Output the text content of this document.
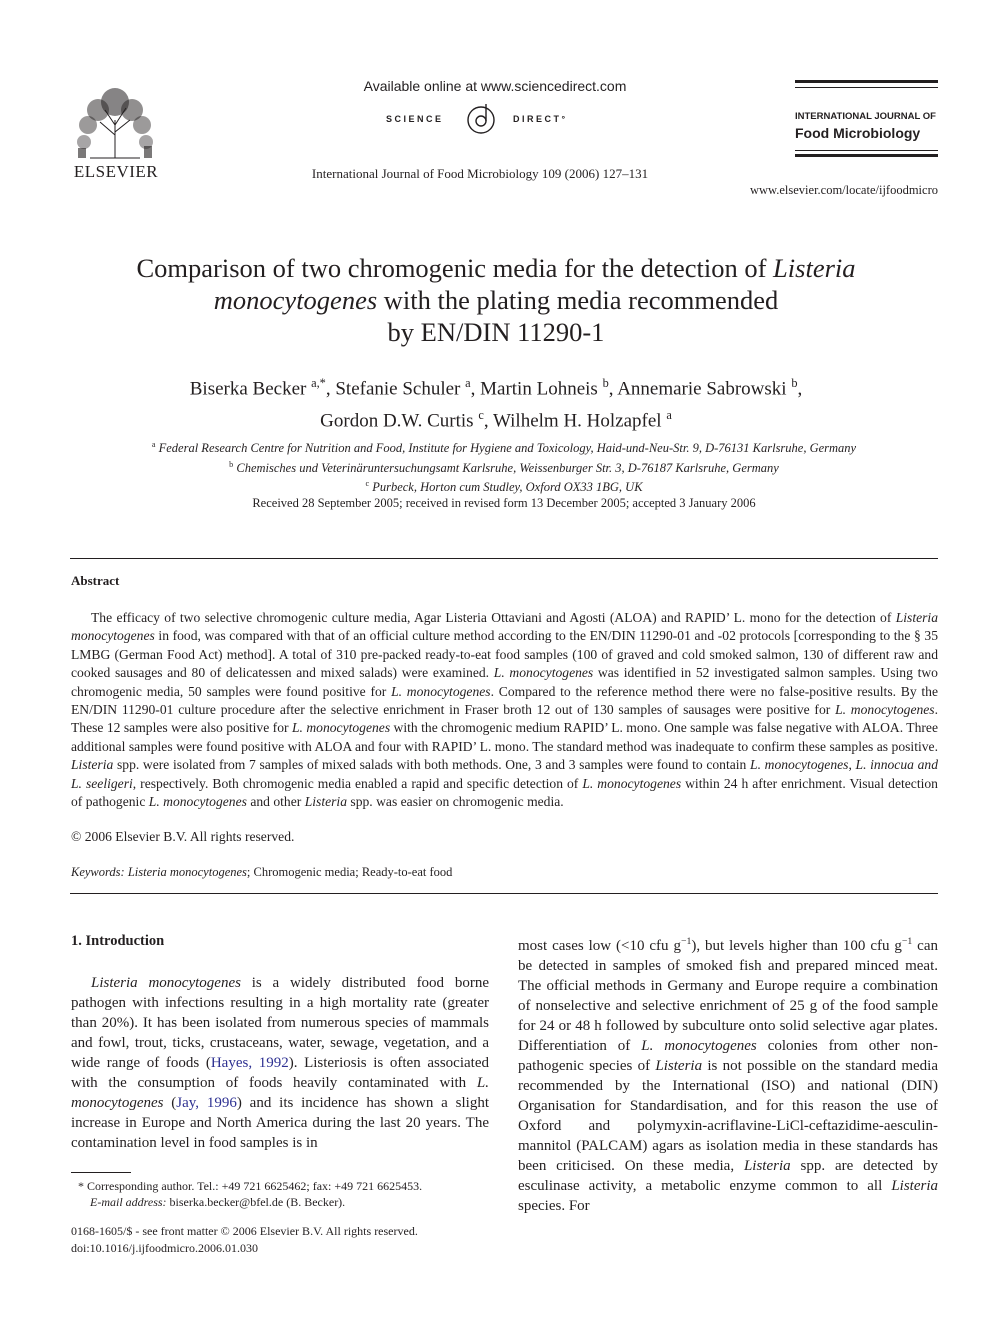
ELSEVIER
Available online at www.sciencedirect.com
SCIENCE	DIRECT°
International Journal of Food Microbiology 109 (2006) 127–131
INTERNATIONAL JOURNAL OF
Food Microbiology
www.elsevier.com/locate/ijfoodmicro
Comparison of two chromogenic media for the detection of Listeria
monocytogenes with the plating media recommended
by EN/DIN 11290-1
Biserka Becker $^{a,*}$, Stefanie Schuler $^a$, Martin Lohneis $^b$, Annemarie Sabrowski $^b$,
Gordon D.W. Curtis $^c$, Wilhelm H. Holzapfel $^a$
$^a$ Federal Research Centre for Nutrition and Food, Institute for Hygiene and Toxicology, Haid-und-Neu-Str. 9, D-76131 Karlsruhe, Germany
$^b$ Chemisches und Veterinäruntersuchungsamt Karlsruhe, Weissenburger Str. 3, D-76187 Karlsruhe, Germany
$^c$ Purbeck, Horton cum Studley, Oxford OX33 1BG, UK
Received 28 September 2005; received in revised form 13 December 2005; accepted 3 January 2006
Abstract
The efficacy of two selective chromogenic culture media, Agar Listeria Ottaviani and Agosti (ALOA) and RAPID’ L. mono for the detection of Listeria monocytogenes in food, was compared with that of an official culture method according to the EN/DIN 11290-01 and -02 protocols [corresponding to the § 35 LMBG (German Food Act) method]. A total of 310 pre-packed ready-to-eat food samples (100 of graved and cold smoked salmon, 130 of different raw and cooked sausages and 80 of delicatessen and mixed salads) were examined. L. monocytogenes was identified in 52 investigated salmon samples. Using two chromogenic media, 50 samples were found positive for L. monocytogenes. Compared to the reference method there were no false-positive results. By the EN/DIN 11290-01 culture procedure after the selective enrichment in Fraser broth 12 out of 130 samples of sausages were positive for L. monocytogenes. These 12 samples were also positive for L. monocytogenes with the chromogenic medium RAPID’ L. mono. One sample was false negative with ALOA. Three additional samples were found positive with ALOA and four with RAPID’ L. mono. The standard method was inadequate to confirm these samples as positive. Listeria spp. were isolated from 7 samples of mixed salads with both methods. One, 3 and 3 samples were found to contain L. monocytogenes, L. innocua and L. seeligeri, respectively. Both chromogenic media enabled a rapid and specific detection of L. monocytogenes within 24 h after enrichment. Visual detection of pathogenic L. monocytogenes and other Listeria spp. was easier on chromogenic media.
© 2006 Elsevier B.V. All rights reserved.
Keywords: Listeria monocytogenes; Chromogenic media; Ready-to-eat food
1. Introduction
Listeria monocytogenes is a widely distributed food borne pathogen with infections resulting in a high mortality rate (greater than 20%). It has been isolated from numerous species of mammals and fowl, trout, ticks, crustaceans, water, sewage, vegetation, and a wide range of foods (Hayes, 1992). Listeriosis is often associated with the consumption of foods heavily contaminated with L. monocytogenes (Jay, 1996) and its incidence has shown a slight increase in Europe and North America during the last 20 years. The contamination level in food samples is in
most cases low (<10 cfu $g^{-1}$), but levels higher than 100 cfu $g^{-1}$ can be detected in samples of smoked fish and prepared minced meat. The official methods in Germany and Europe require a combination of nonselective and selective enrichment of 25 g of the food sample for 24 or 48 h followed by subculture onto solid selective agar plates. Differentiation of L. monocytogenes colonies from other non-pathogenic species of Listeria is not possible on the standard media recommended by the International (ISO) and national (DIN) Organisation for Standardisation, and for this reason the use of Oxford and polymyxin-acriflavine-LiCl-ceftazidime-aesculin-mannitol (PALCAM) agars as isolation media in these standards has been criticised. On these media, Listeria spp. are detected by esculinase activity, a metabolic enzyme common to all Listeria species. For
* Corresponding author. Tel.: +49 721 6625462; fax: +49 721 6625453.
E-mail address: biserka.becker@bfel.de (B. Becker).
0168-1605/$ - see front matter © 2006 Elsevier B.V. All rights reserved.
doi:10.1016/j.ijfoodmicro.2006.01.030
